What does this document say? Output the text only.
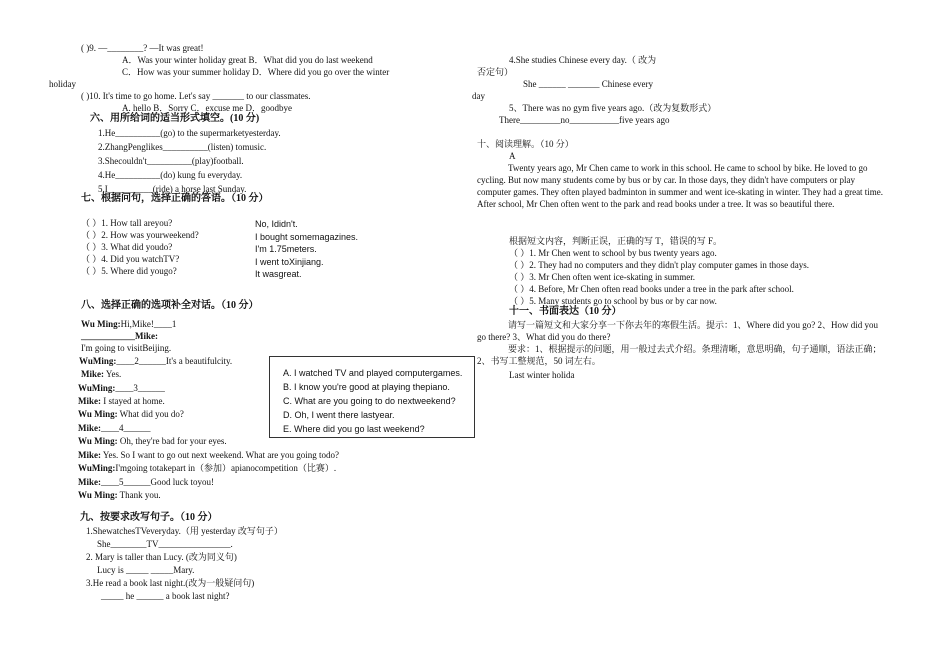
( )9. —________? —It was great!
A．Was your winter holiday great B．What did you do last weekend
C．How was your summer holiday D．Where did you go over the winter
holiday
( )10. It's time to go home. Let's say _______ to our classmates.
A. hello B．Sorry C．excuse me D．goodbye
六、用所给词的适当形式填空。(10 分)
1.He__________(go) to the supermarketyesterday.
2.ZhangPenglikes__________(listen) tomusic.
3.Shecouldn't__________(play)football.
4.He__________(do) kung fu everyday.
5.I__________(ride) a horse last Sunday.
七、根据问句，选择正确的答语。（10 分）
（ ）1. How tall areyou?
（ ）2. How was yourweekend?
（ ）3. What did youdo?
（ ）4. Did you watchTV?
（ ）5. Where did yougo?
No, Ididn't.
I bought somemagazines.
I'm 1.75meters.
I went toXinjiang.
It wasgreat.
八、选择正确的选项补全对话。（10 分）
Wu Ming:Hi,Mike!____1
____________Mike:
I'm going to visitBeijing.
WuMing:____2______It's a beautifulcity.
Mike: Yes.
WuMing:____3______
Mike: I stayed at home.
Wu Ming: What did you do?
Mike:____4______
Wu Ming: Oh, they're bad for your eyes.
Mike: Yes. So I want to go out next weekend. What are you going todo?
WuMing:I'mgoing totakepart in（参加）apianocompetition（比赛）.
Mike:____5______Good luck toyou!
Wu Ming: Thank you.
A. I watched TV and played computergames.
B. I know you're good at playing thepiano.
C. What are you going to do nextweekend?
D. Oh, I went there lastyear.
E. Where did you go last weekend?
九、按要求改写句子。（10 分）
1.ShewatchesTVeveryday.（用 yesterday 改写句子）
She________TV________________.
2. Mary is taller than Lucy. (改为同义句)
Lucy is _____ _____Mary.
3.He read a book last night.(改为一般疑问句)
_____ he ______ a book last night?
4.She studies Chinese every day.（ 改为
否定句）
She ______ _______ Chinese every
day
5、There was no gym five years ago.（改为复数形式）
There_________no___________five years ago
十、阅读理解。（10 分）
A
Twenty years ago, Mr Chen came to work in this school. He came to school by bike. He loved to go cycling. But now many students come by bus or by car. In those days, they didn't have computers or play computer games. They often played badminton in summer and went ice-skating in winter. They had a great time. After school, Mr Chen often went to the park and read books under a tree. It was so beautiful there.
根据短文内容，判断正误，正确的写 T，错误的写 F。
（ ）1. Mr Chen went to school by bus twenty years ago.
（ ）2. They had no computers and they didn't play computer games in those days.
（ ）3. Mr Chen often went ice-skating in summer.
（ ）4. Before, Mr Chen often read books under a tree in the park after school.
（ ）5. Many students go to school by bus or by car now.
十一、书面表达（10 分）
请写一篇短文和大家分享一下你去年的寒假生活。提示：1、Where did you go? 2、How did you go there? 3、What did you do there?
要求：1、根据提示的问题，用一般过去式介绍。条理清晰，意思明确，句子通顺，语法正确；2、书写工整规范，50 词左右。
Last winter holida
